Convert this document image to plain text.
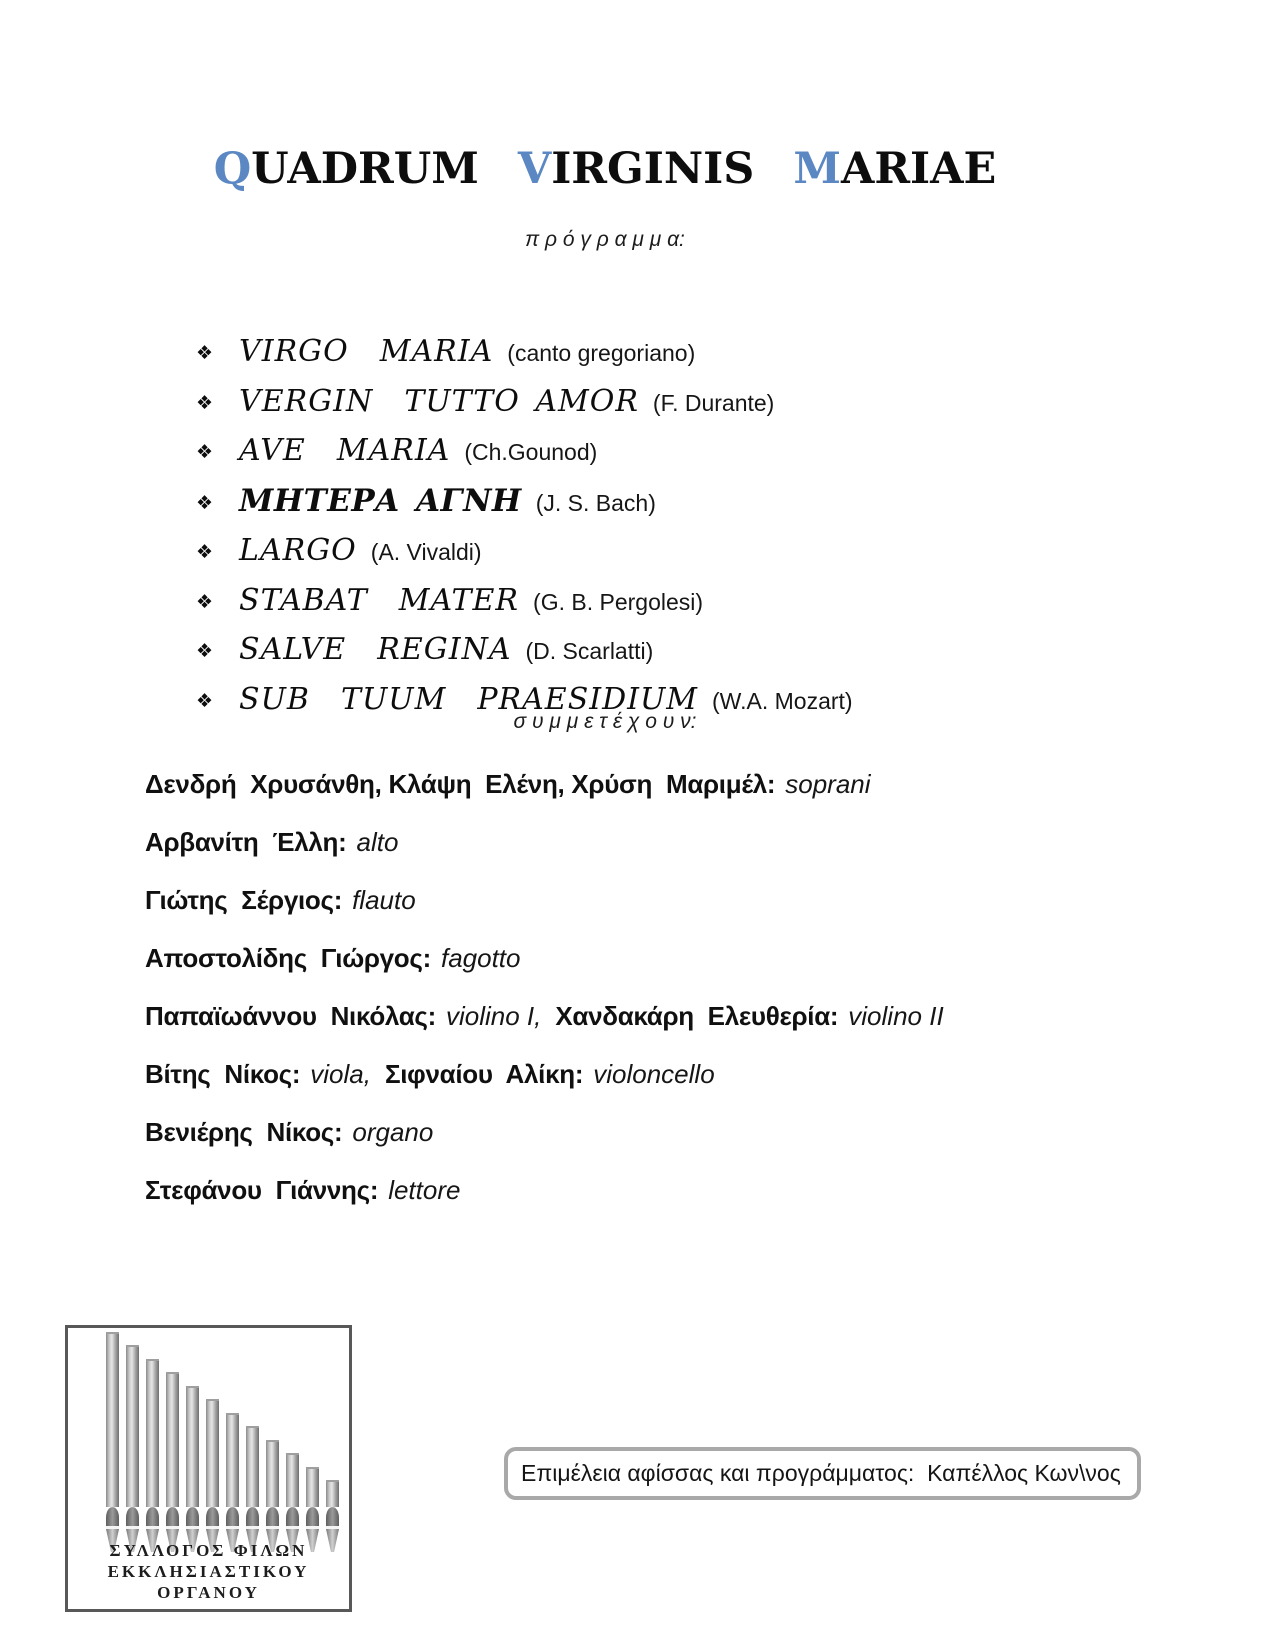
QUADRUM VIRGINIS MARIAE
π ρ ό γ ρ α μ μ α:
❖ VIRGO  MARIA (canto gregoriano)
❖ VERGIN  TUTTO AMOR (F. Durante)
❖ AVE  MARIA (Ch.Gounod)
❖ ΜΗΤΕΡΑ ΑΓΝΗ (J. S. Bach)
❖ LARGO (A. Vivaldi)
❖ STABAT  MATER (G. B. Pergolesi)
❖ SALVE  REGINA (D. Scarlatti)
❖ SUB  TUUM  PRAESIDIUM (W.A. Mozart)
σ υ μ μ ε τ έ χ ο υ ν:
Δενδρή  Χρυσάνθη, Κλάψη  Ελένη, Χρύση  Μαριμέλ: soprani
Αρβανίτη  Έλλη: alto
Γιώτης  Σέργιος: flauto
Αποστολίδης  Γιώργος: fagotto
Παπαϊωάννου  Νικόλας: violino I, Χανδακάρη  Ελευθερία: violino II
Βίτης  Νίκος: viola, Σιφναίου  Αλίκη: violoncello
Βενιέρης  Νίκος: organo
Στεφάνου  Γιάννης: lettore
ΣΥΛΛΟΓΟΣ ΦΙΛΩΝ
ΕΚΚΛΗΣΙΑΣΤΙΚΟΥ
ΟΡΓΑΝΟΥ
Επιμέλεια αφίσσας και προγράμματος:  Καπέλλος Κων\νος
